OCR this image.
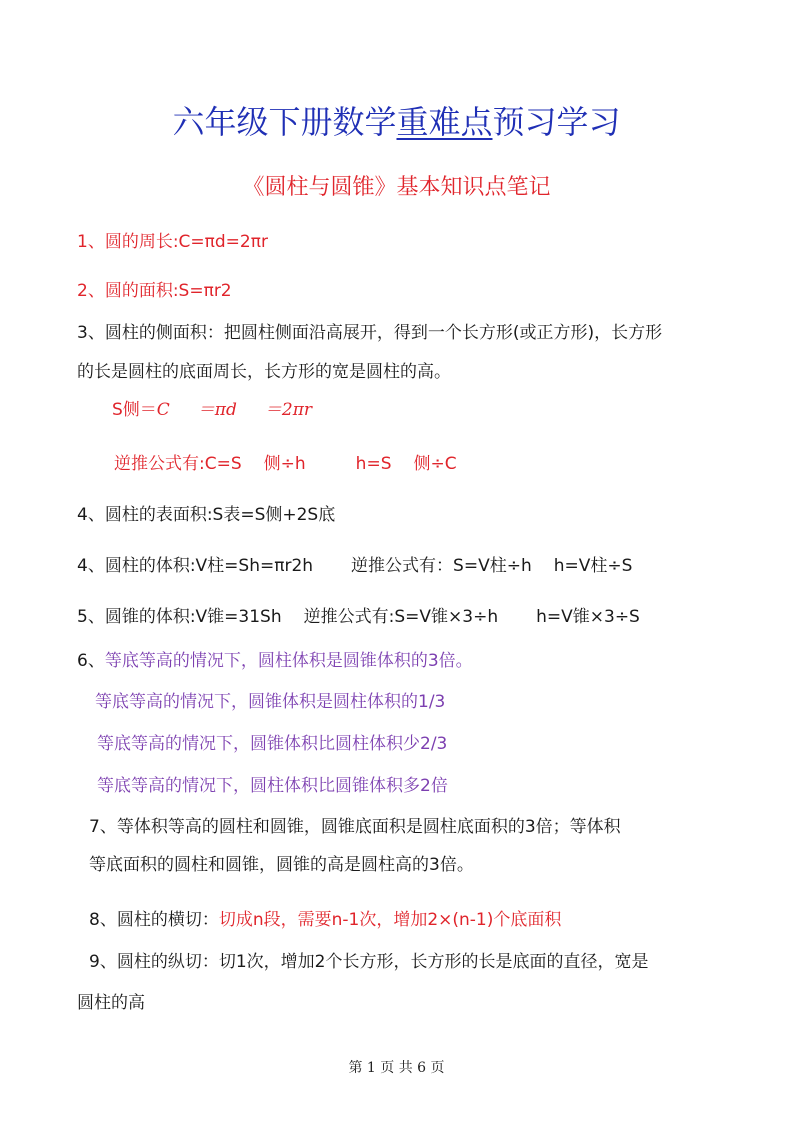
六年级下册数学重难点预习学习
《圆柱与圆锥》基本知识点笔记
1、圆的周长:C=πd=2πr
2、圆的面积:S=πr2
3、圆柱的侧面积：把圆柱侧面沿高展开，得到一个长方形(或正方形)，长方形
的长是圆柱的底面周长，长方形的宽是圆柱的高。
S侧＝C ＝πd ＝2πr
逆推公式有:C=S 侧÷h	h=S 侧÷C
4、圆柱的表面积:S表=S侧+2S底
4、圆柱的体积:V柱=Sh=πr2h 逆推公式有：S=V柱÷h h=V柱÷S
5、圆锥的体积:V锥=31Sh 逆推公式有:S=V锥×3÷h h=V锥×3÷S
6、等底等高的情况下，圆柱体积是圆锥体积的3倍。
等底等高的情况下，圆锥体积是圆柱体积的1/3
等底等高的情况下，圆锥体积比圆柱体积少2/3
等底等高的情况下，圆柱体积比圆锥体积多2倍
7、等体积等高的圆柱和圆锥，圆锥底面积是圆柱底面积的3倍；等体积
等底面积的圆柱和圆锥，圆锥的高是圆柱高的3倍。
8、圆柱的横切：切成n段，需要n-1次，增加2×(n-1)个底面积
9、圆柱的纵切：切1次，增加2个长方形，长方形的长是底面的直径，宽是
圆柱的高
第 1 页 共 6 页
